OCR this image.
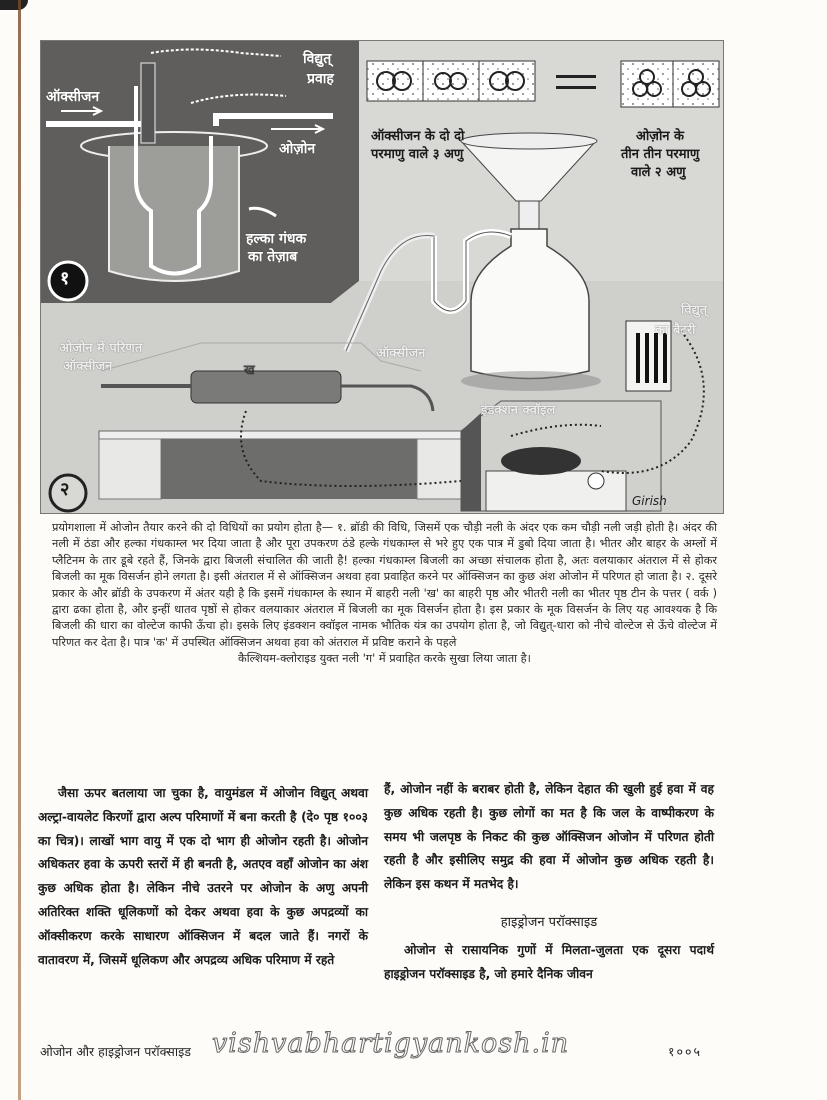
ऑक्सीजन
विद्युत्
प्रवाह
ओज़ोन
हल्का गंधक
का तेज़ाब
१
ऑक्सीजन के दो दो
परमाणु वाले ३ अणु
ओज़ोन के
तीन तीन परमाणु
वाले २ अणु
ओज़ोन में परिणत
ऑक्सीजन	ख
ऑक्सीजन
इंडक्शन क्वॉइल
विद्युत्
का बैटरी
२
Girish
प्रयोगशाला में ओजोन तैयार करने की दो विधियों का प्रयोग होता है— १. ब्रॉडी की विधि, जिसमें एक चौड़ी नली के अंदर एक कम चौड़ी नली जड़ी होती है। अंदर की नली में ठंडा और हल्का गंधकाम्ल भर दिया जाता है और पूरा उपकरण ठंडे हल्के गंधकाम्ल से भरे हुए एक पात्र में डुबो दिया जाता है। भीतर और बाहर के अम्लों में प्लैटिनम के तार डूबे रहते हैं, जिनके द्वारा बिजली संचालित की जाती है! हल्का गंधकाम्ल बिजली का अच्छा संचालक होता है, अतः वलयाकार अंतराल में से होकर बिजली का मूक विसर्जन होने लगता है। इसी अंतराल में से ऑक्सिजन अथवा हवा प्रवाहित करने पर ऑक्सिजन का कुछ अंश ओजोन में परिणत हो जाता है। २. दूसरे प्रकार के और ब्रॉडी के उपकरण में अंतर यही है कि इसमें गंधकाम्ल के स्थान में बाहरी नली 'ख' का बाहरी पृष्ठ और भीतरी नली का भीतर पृष्ठ टीन के पत्तर ( वर्क ) द्वारा ढका होता है, और इन्हीं धातव पृष्ठों से होकर वलयाकार अंतराल में बिजली का मूक विसर्जन होता है। इस प्रकार के मूक विसर्जन के लिए यह आवश्यक है कि बिजली की धारा का वोल्टेज काफी ऊँचा हो। इसके लिए इंडक्शन क्वॉइल नामक भौतिक यंत्र का उपयोग होता है, जो विद्युत्-धारा को नीचे वोल्टेज से ऊँचे वोल्टेज में परिणत कर देता है। पात्र 'क' में उपस्थित ऑक्सिजन अथवा हवा को अंतराल में प्रविष्ट कराने के पहले
कैल्शियम-क्लोराइड युक्त नली 'ग' में प्रवाहित करके सुखा लिया जाता है।

जैसा ऊपर बतलाया जा चुका है, वायुमंडल में ओजोन विद्युत् अथवा अल्ट्रा-वायलेट किरणों द्वारा अल्प परिमाणों में बना करती है (दे० पृष्ठ १००३ का चित्र)। लाखों भाग वायु में एक दो भाग ही ओजोन रहती है। ओजोन अधिकतर हवा के ऊपरी स्तरों में ही बनती है, अतएव वहाँ ओजोन का अंश कुछ अधिक होता है। लेकिन नीचे उतरने पर ओजोन के अणु अपनी अतिरिक्त शक्ति धूलिकणों को देकर अथवा हवा के कुछ अपद्रव्यों का ऑक्सीकरण करके साधारण ऑक्सिजन में बदल जाते हैं। नगरों के वातावरण में, जिसमें धूलिकण और अपद्रव्य अधिक परिमाण में रहते

हैं, ओजोन नहीं के बराबर होती है, लेकिन देहात की खुली हुई हवा में वह कुछ अधिक रहती है। कुछ लोगों का मत है कि जल के वाष्पीकरण के समय भी जलपृष्ठ के निकट की कुछ ऑक्सिजन ओजोन में परिणत होती रहती है और इसीलिए समुद्र की हवा में ओजोन कुछ अधिक रहती है। लेकिन इस कथन में मतभेद है।

हाइड्रोजन परॉक्साइड

ओजोन से रासायनिक गुणों में मिलता-जुलता एक दूसरा पदार्थ हाइड्रोजन परॉक्साइड है, जो हमारे दैनिक जीवन

ओजोन और हाइड्रोजन परॉक्साइड vishvabhartigyankosh.in	१००५
